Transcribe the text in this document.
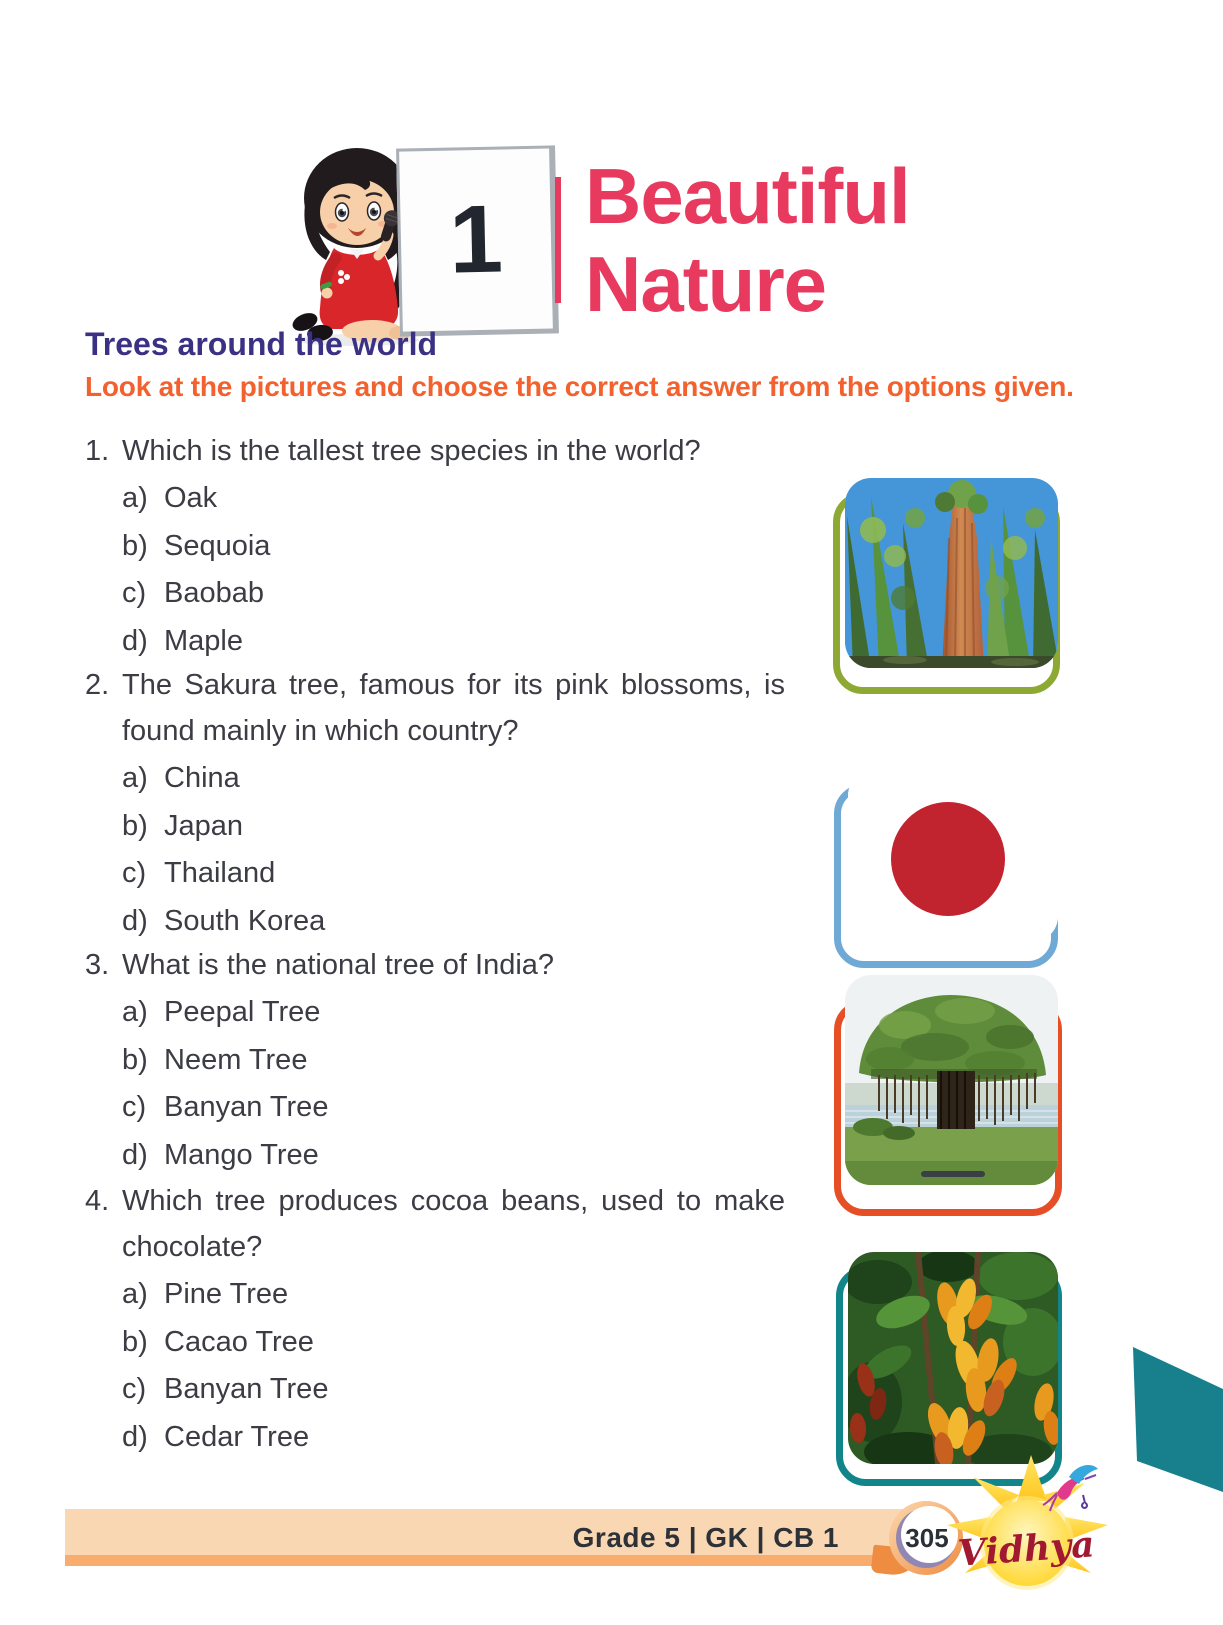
1 Beautiful
Nature
Trees around the world
Look at the pictures and choose the correct answer from the options given.
1. Which is the tallest tree species in the world?
a) Oak
b) Sequoia
c) Baobab
d) Maple
2. The Sakura tree, famous for its pink blossoms, is found mainly in which country?
a) China
b) Japan
c) Thailand
d) South Korea
3. What is the national tree of India?
a) Peepal Tree
b) Neem Tree
c) Banyan Tree
d) Mango Tree
4. Which tree produces cocoa beans, used to make chocolate?
a) Pine Tree
b) Cacao Tree
c) Banyan Tree
d) Cedar Tree
Grade 5 | GK | CB 1	305 Vidhya
